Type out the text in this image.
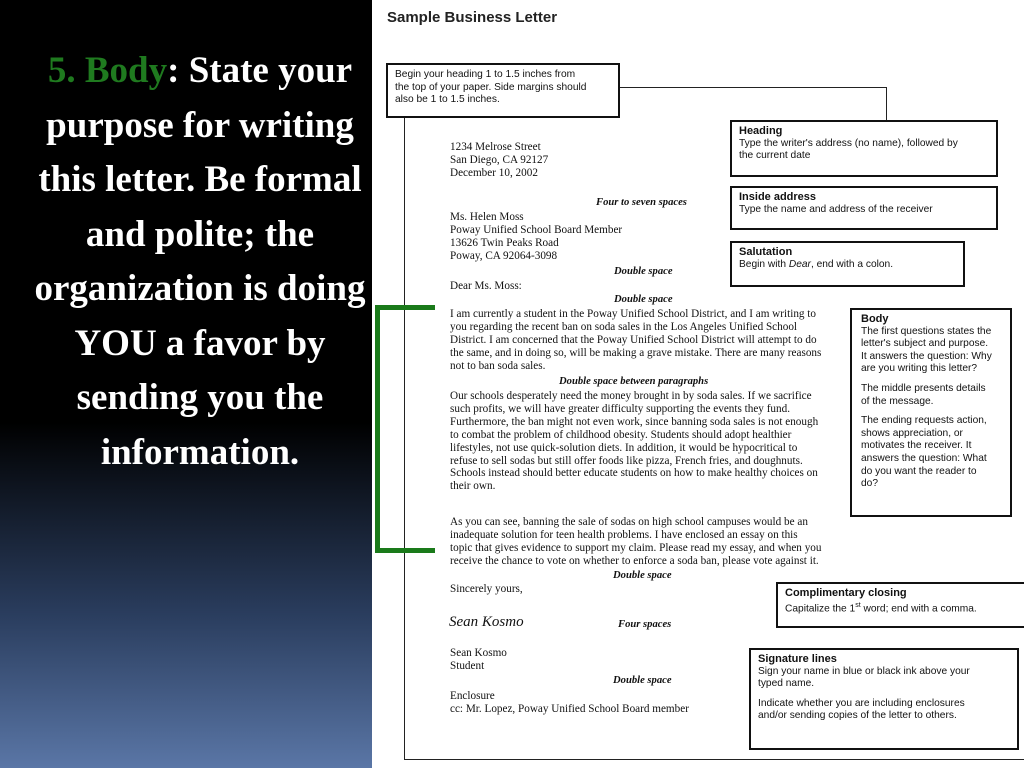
5. Body: State your purpose for writing this letter. Be formal and polite; the organization is doing YOU a favor by sending you the information.
Sample Business Letter
Begin your heading 1 to 1.5 inches from
the top of your paper. Side margins should
also be 1 to 1.5 inches.
1234 Melrose Street
San Diego, CA 92127
December 10, 2002
Four to seven spaces
Ms. Helen Moss
Poway Unified School Board Member
13626 Twin Peaks Road
Poway, CA 92064-3098
Double space
Dear Ms. Moss:
Double space
I am currently a student in the Poway Unified School District, and I am writing to
you regarding the recent ban on soda sales in the Los Angeles Unified School
District. I am concerned that the Poway Unified School District will attempt to do
the same, and in doing so, will be making a grave mistake. There are many reasons
not to ban soda sales.
Double space between paragraphs
Our schools desperately need the money brought in by soda sales. If we sacrifice
such profits, we will have greater difficulty supporting the events they fund.
Furthermore, the ban might not even work, since banning soda sales is not enough
to combat the problem of childhood obesity. Students should adopt healthier
lifestyles, not use quick-solution diets. In addition, it would be hypocritical to
refuse to sell sodas but still offer foods like pizza, French fries, and doughnuts.
Schools instead should better educate students on how to make healthy choices on
their own.
As you can see, banning the sale of sodas on high school campuses would be an
inadequate solution for teen health problems. I have enclosed an essay on this
topic that gives evidence to support my claim. Please read my essay, and when you
receive the chance to vote on whether to enforce a soda ban, please vote against it.
Double space
Sincerely yours,
Sean Kosmo	Four spaces
Sean Kosmo
Student
Double space
Enclosure
cc: Mr. Lopez, Poway Unified School Board member
Heading
Type the writer's address (no name), followed by
the current date
Inside address
Type the name and address of the receiver
Salutation
Begin with Dear, end with a colon.
Body
The first questions states the
letter's subject and purpose.
It answers the question: Why
are you writing this letter?
The middle presents details
of the message.
The ending requests action,
shows appreciation, or
motivates the receiver. It
answers the question: What
do you want the reader to
do?
Complimentary closing
Capitalize the 1st word; end with a comma.
Signature lines
Sign your name in blue or black ink above your
typed name.
Indicate whether you are including enclosures
and/or sending copies of the letter to others.
